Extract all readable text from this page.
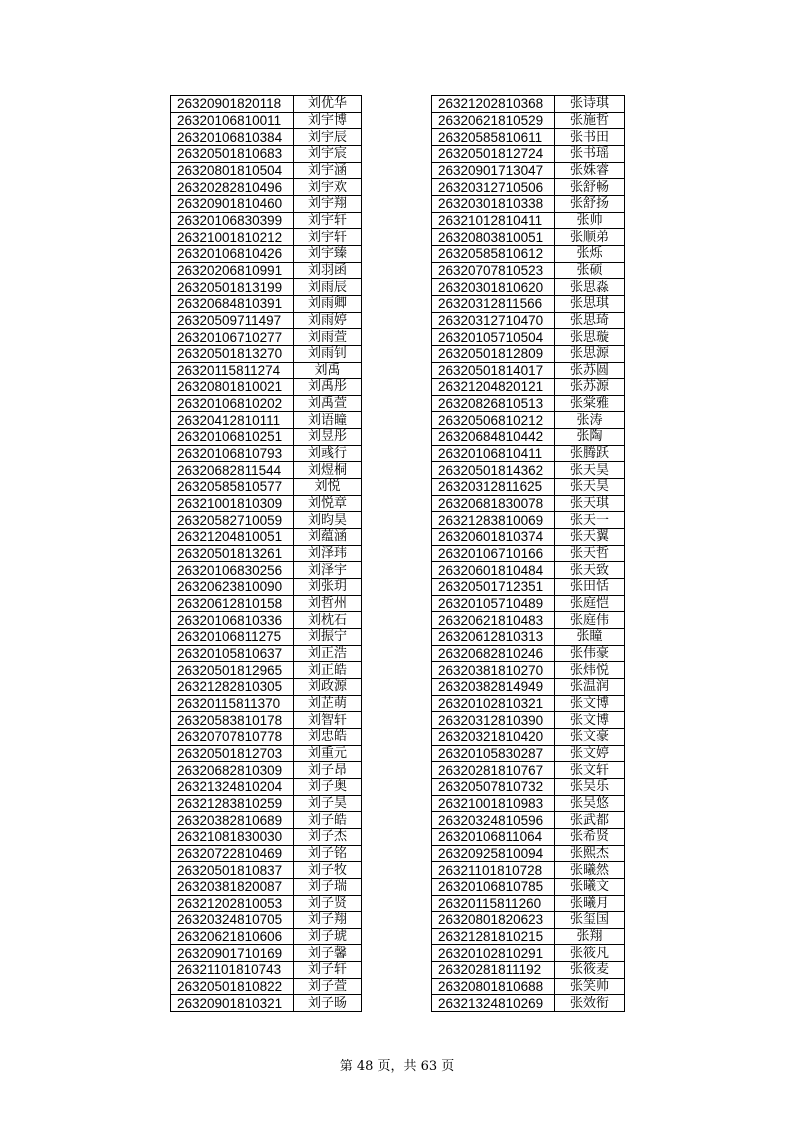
26320901820118	刘优华
26320106810011	刘宇博
26320106810384	刘宇辰
26320501810683	刘宇宸
26320801810504	刘宇涵
26320282810496	刘宇欢
26320901810460	刘宇翔
26320106830399	刘宇轩
26321001810212	刘宇轩
26320106810426	刘宇臻
26320206810991	刘羽函
26320501813199	刘雨辰
26320684810391	刘雨卿
26320509711497	刘雨婷
26320106710277	刘雨萱
26320501813270	刘雨钊
26320115811274	刘禹
26320801810021	刘禹彤
26320106810202	刘禹萱
26320412810111	刘语瞳
26320106810251	刘昱彤
26320106810793	刘彧行
26320682811544	刘煜桐
26320585810577	刘悦
26321001810309	刘悦章
26320582710059	刘昀昊
26321204810051	刘蕴涵
26320501813261	刘泽玮
26320106830256	刘泽宇
26320623810090	刘张玥
26320612810158	刘哲州
26320106810336	刘枕石
26320106811275	刘振宁
26320105810637	刘正浩
26320501812965	刘正皓
26321282810305	刘政源
26320115811370	刘芷萌
26320583810178	刘智轩
26320707810778	刘忠皓
26320501812703	刘重元
26320682810309	刘子昂
26321324810204	刘子奥
26321283810259	刘子昊
26320382810689	刘子皓
26321081830030	刘子杰
26320722810469	刘子铭
26320501810837	刘子牧
26320381820087	刘子瑞
26321202810053	刘子贤
26320324810705	刘子翔
26320621810606	刘子琥
26320901710169	刘子馨
26321101810743	刘子轩
26320501810822	刘子萱
26320901810321	刘子旸
26321202810368	张诗琪
26320621810529	张施哲
26320585810611	张书田
26320501812724	张书瑶
26320901713047	张姝睿
26320312710506	张舒畅
26320301810338	张舒扬
26321012810411	张帅
26320803810051	张顺弟
26320585810612	张烁
26320707810523	张硕
26320301810620	张思淼
26320312811566	张思琪
26320312710470	张思琦
26320105710504	张思璇
26320501812809	张思源
26320501814017	张苏圆
26321204820121	张苏源
26320826810513	张棠雅
26320506810212	张涛
26320684810442	张陶
26320106810411	张腾跃
26320501814362	张天昊
26320312811625	张天昊
26320681830078	张天琪
26321283810069	张天一
26320601810374	张天翼
26320106710166	张天哲
26320601810484	张天致
26320501712351	张田恬
26320105710489	张庭恺
26320621810483	张庭伟
26320612810313	张瞳
26320682810246	张伟豪
26320381810270	张炜悦
26320382814949	张温润
26320102810321	张文博
26320312810390	张文博
26320321810420	张文豪
26320105830287	张文婷
26320281810767	张文轩
26320507810732	张吴乐
26321001810983	张吴悠
26320324810596	张武都
26320106811064	张希贤
26320925810094	张熙杰
26321101810728	张曦然
26320106810785	张曦文
26320115811260	张曦月
26320801820623	张玺国
26321281810215	张翔
26320102810291	张筱凡
26320281811192	张筱麦
26320801810688	张笑帅
26321324810269	张效衔
第 48 页，共 63 页
